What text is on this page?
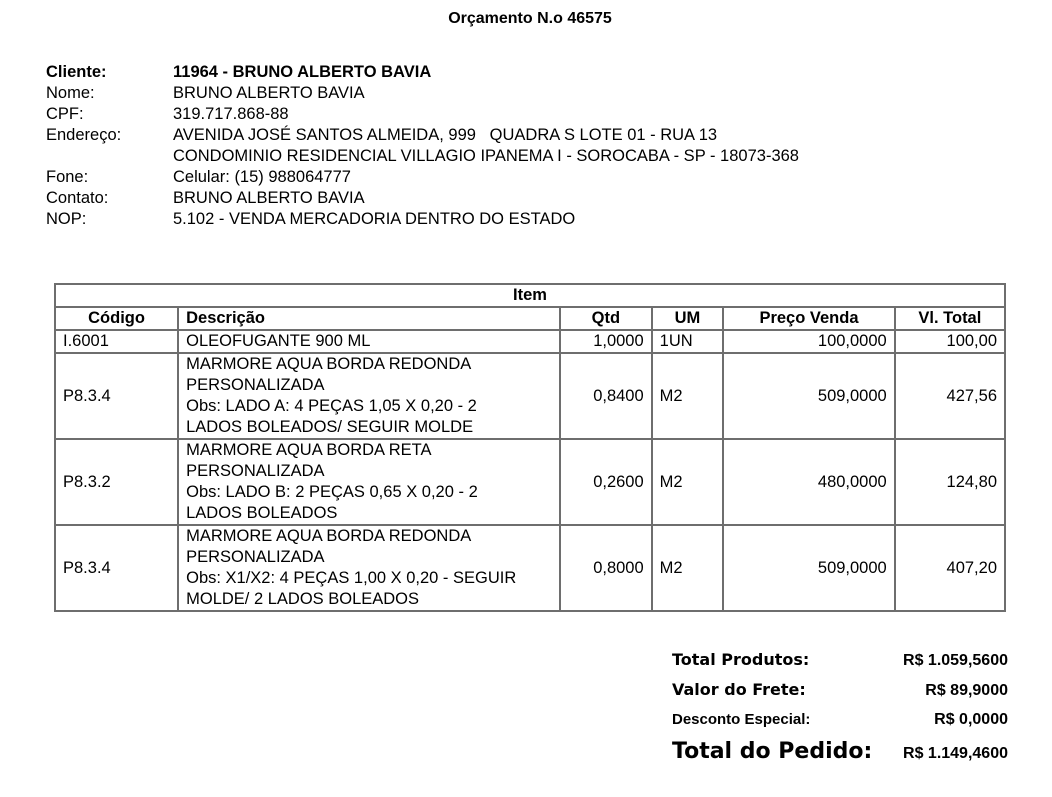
Orçamento N.o 46575
Cliente:	11964 - BRUNO ALBERTO BAVIA
Nome:	BRUNO ALBERTO BAVIA
CPF:	319.717.868-88
Endereço:	AVENIDA JOSÉ SANTOS ALMEIDA, 999   QUADRA S LOTE 01 - RUA 13
CONDOMINIO RESIDENCIAL VILLAGIO IPANEMA I - SOROCABA - SP - 18073-368
Fone:	Celular: (15) 988064777
Contato:	BRUNO ALBERTO BAVIA
NOP:	5.102 - VENDA MERCADORIA DENTRO DO ESTADO
Item					
Código	Descrição	Qtd	UM	Preço Venda	Vl. Total
I.6001	OLEOFUGANTE 900 ML	1,0000	1UN	100,0000	100,00
P8.3.4	MARMORE AQUA BORDA REDONDA
PERSONALIZADA
Obs: LADO A: 4 PEÇAS 1,05 X 0,20 - 2
LADOS BOLEADOS/ SEGUIR MOLDE	0,8400	M2	509,0000	427,56
P8.3.2	MARMORE AQUA BORDA RETA
PERSONALIZADA
Obs: LADO B: 2 PEÇAS 0,65 X 0,20 - 2
LADOS BOLEADOS	0,2600	M2	480,0000	124,80
P8.3.4	MARMORE AQUA BORDA REDONDA
PERSONALIZADA
Obs: X1/X2: 4 PEÇAS 1,00 X 0,20 - SEGUIR
MOLDE/ 2 LADOS BOLEADOS	0,8000	M2	509,0000	407,20
Total Produtos:	R$ 1.059,5600
Valor do Frete:	R$ 89,9000
Desconto Especial:	R$ 0,0000
Total do Pedido: R$ 1.149,4600
